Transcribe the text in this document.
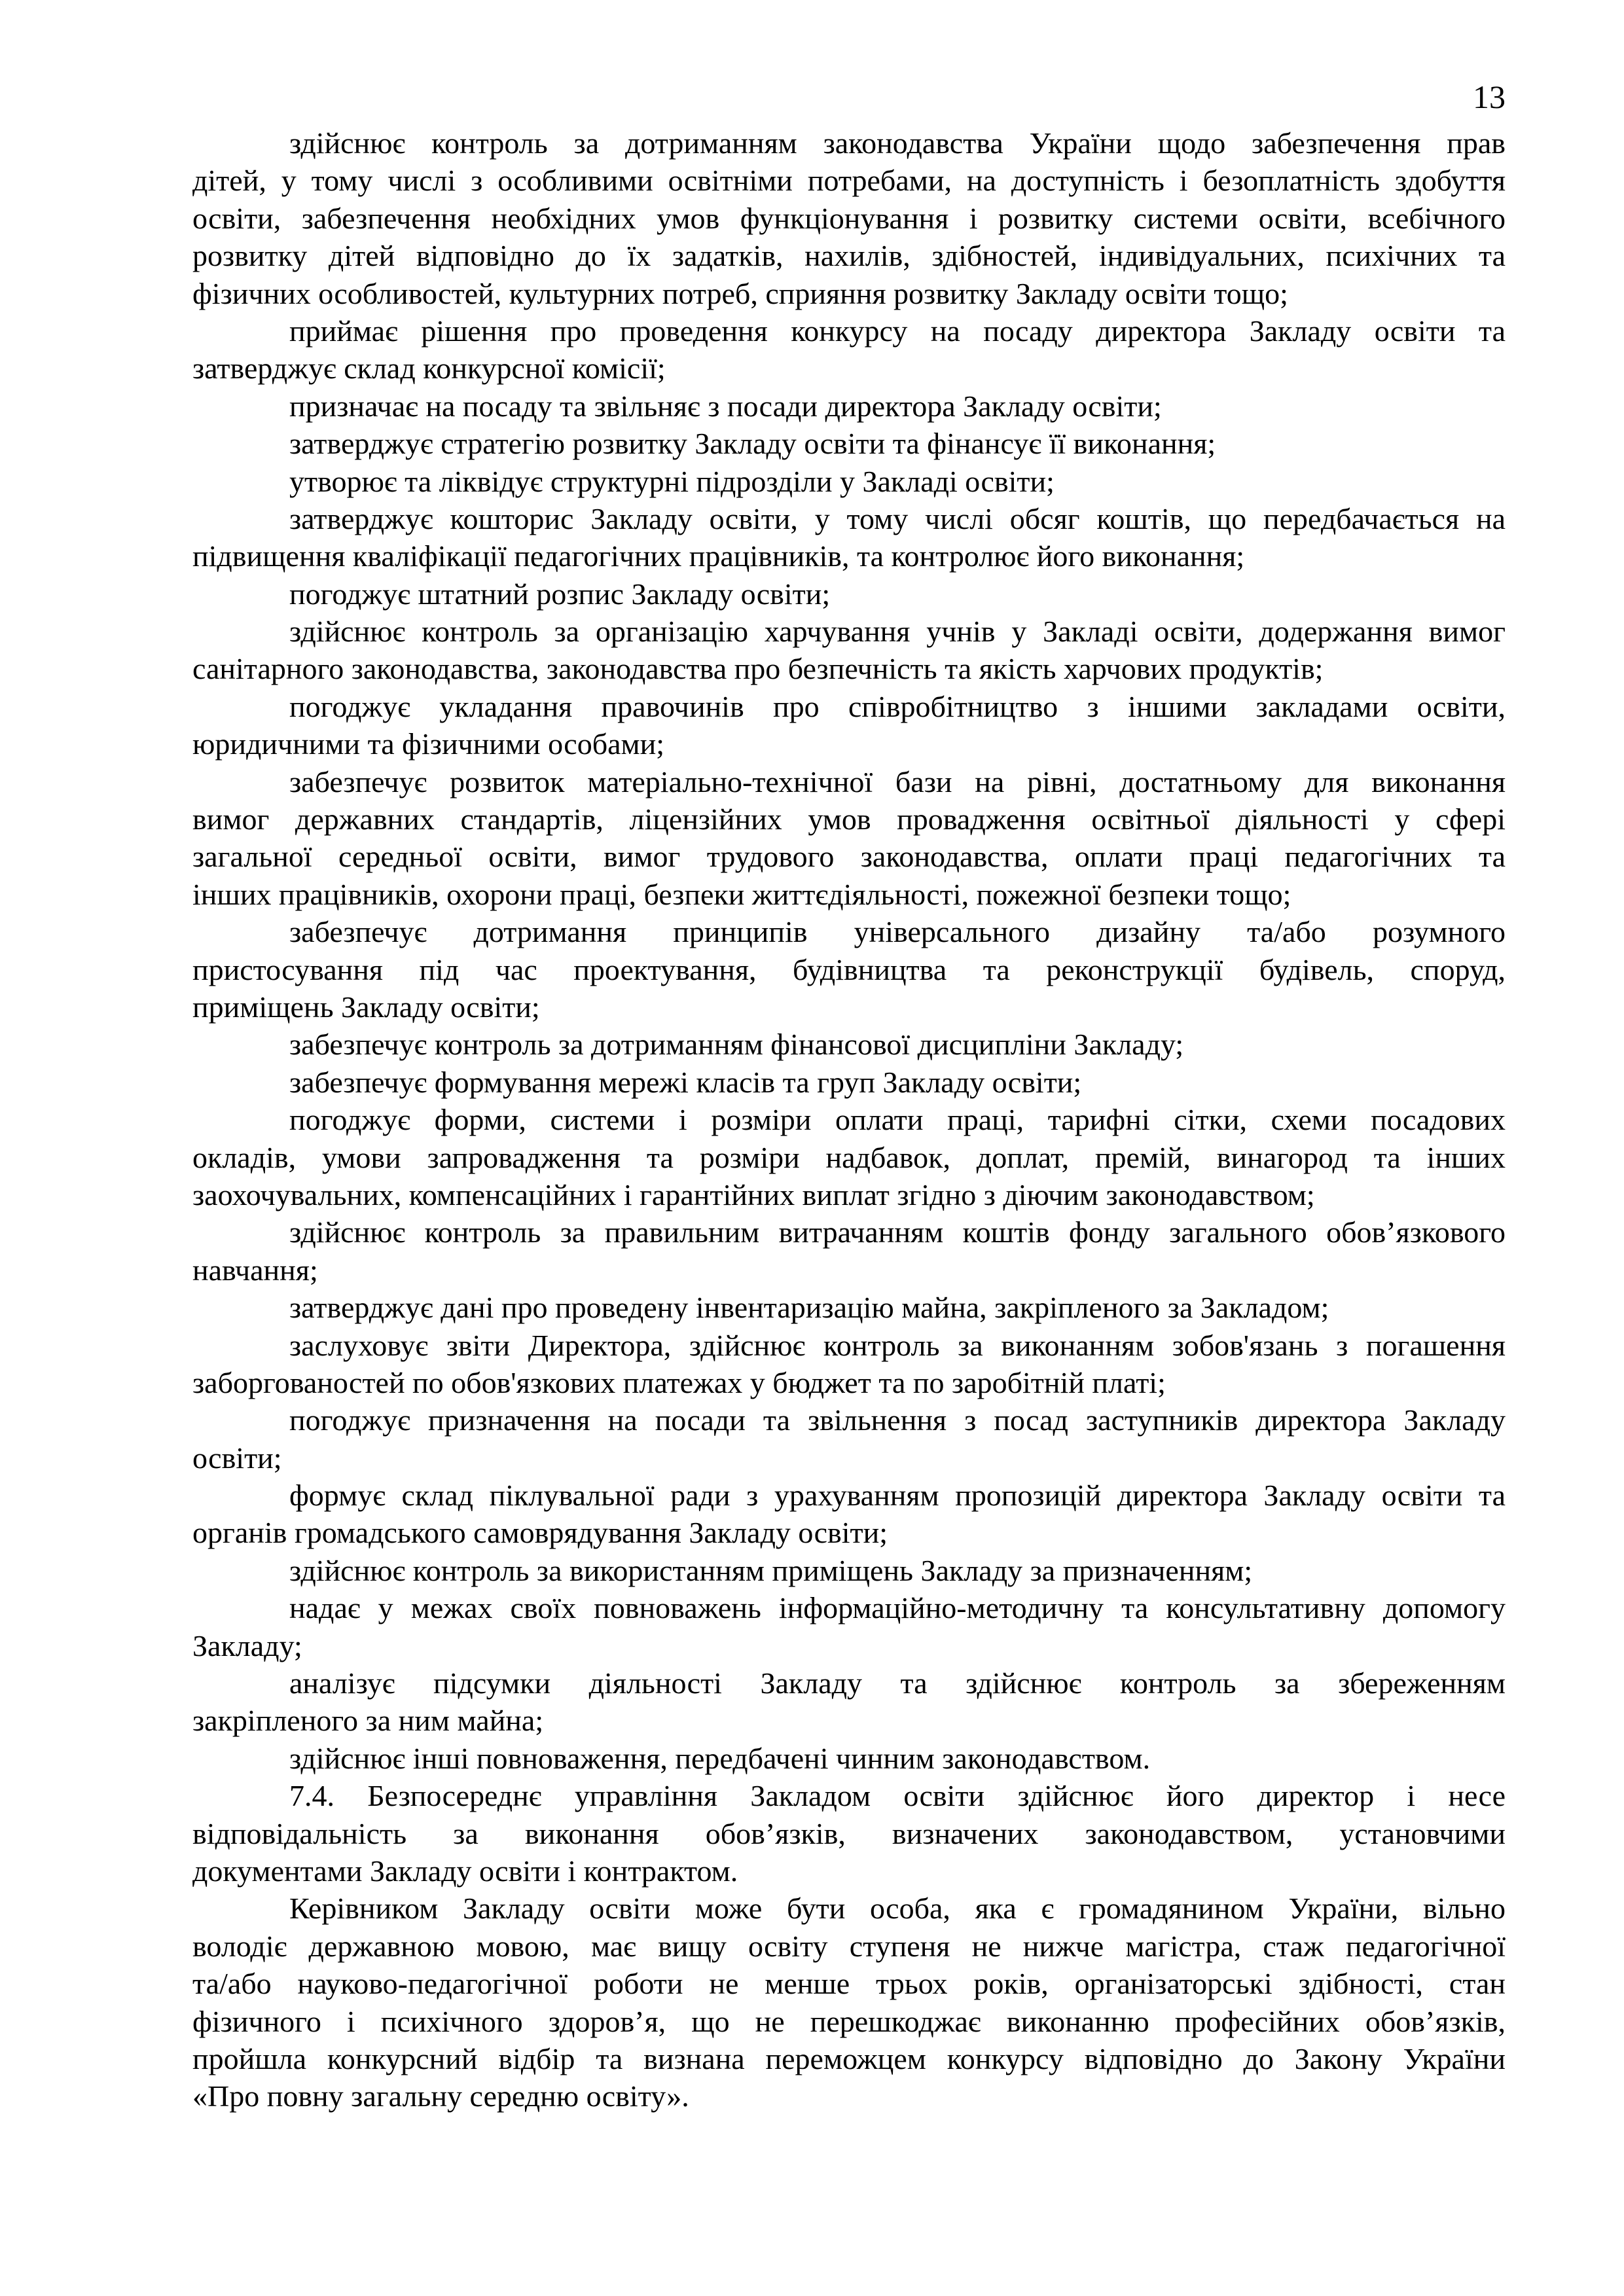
13
здійснює контроль за дотриманням законодавства України щодо забезпечення прав
дітей, у тому числі з особливими освітніми потребами, на доступність і безоплатність здобуття
освіти, забезпечення необхідних умов функціонування і розвитку системи освіти, всебічного
розвитку дітей відповідно до їх задатків, нахилів, здібностей, індивідуальних, психічних та
фізичних особливостей, культурних потреб, сприяння розвитку Закладу освіти тощо;
приймає рішення про проведення конкурсу на посаду директора Закладу освіти та
затверджує склад конкурсної комісії;
призначає на посаду та звільняє з посади директора Закладу освіти;
затверджує стратегію розвитку Закладу освіти та фінансує її виконання;
утворює та ліквідує структурні підрозділи у Закладі освіти;
затверджує кошторис Закладу освіти, у тому числі обсяг коштів, що передбачається на
підвищення кваліфікації педагогічних працівників, та контролює його виконання;
погоджує штатний розпис Закладу освіти;
здійснює контроль за організацію харчування учнів у Закладі освіти, додержання вимог
санітарного законодавства, законодавства про безпечність та якість харчових продуктів;
погоджує укладання правочинів про співробітництво з іншими закладами освіти,
юридичними та фізичними особами;
забезпечує розвиток матеріально-технічної бази на рівні, достатньому для виконання
вимог державних стандартів, ліцензійних умов провадження освітньої діяльності у сфері
загальної середньої освіти, вимог трудового законодавства, оплати праці педагогічних та
інших працівників, охорони праці, безпеки життєдіяльності, пожежної безпеки тощо;
забезпечує дотримання принципів універсального дизайну та/або розумного
пристосування під час проектування, будівництва та реконструкції будівель, споруд,
приміщень Закладу освіти;
забезпечує контроль за дотриманням фінансової дисципліни Закладу;
забезпечує формування мережі класів та груп Закладу освіти;
погоджує форми, системи і розміри оплати праці, тарифні сітки, схеми посадових
окладів, умови запровадження та розміри надбавок, доплат, премій, винагород та інших
заохочувальних, компенсаційних і гарантійних виплат згідно з діючим законодавством;
здійснює контроль за правильним витрачанням коштів фонду загального обов’язкового
навчання;
затверджує дані про проведену інвентаризацію майна, закріпленого за Закладом;
заслуховує звіти Директора, здійснює контроль за виконанням зобов'язань з погашення
заборгованостей по обов'язкових платежах у бюджет та по заробітній платі;
погоджує призначення на посади та звільнення з посад заступників директора Закладу
освіти;
формує склад піклувальної ради з урахуванням пропозицій директора Закладу освіти та
органів громадського самоврядування Закладу освіти;
здійснює контроль за використанням приміщень Закладу за призначенням;
надає у межах своїх повноважень інформаційно-методичну та консультативну допомогу
Закладу;
аналізує підсумки діяльності Закладу та здійснює контроль за збереженням
закріпленого за ним майна;
здійснює інші повноваження, передбачені чинним законодавством.
7.4. Безпосереднє управління Закладом освіти здійснює його директор і несе
відповідальність за виконання обов’язків, визначених законодавством, установчими
документами Закладу освіти і контрактом.
Керівником Закладу освіти може бути особа, яка є громадянином України, вільно
володіє державною мовою, має вищу освіту ступеня не нижче магістра, стаж педагогічної
та/або науково-педагогічної роботи не менше трьох років, організаторські здібності, стан
фізичного і психічного здоров’я, що не перешкоджає виконанню професійних обов’язків,
пройшла конкурсний відбір та визнана переможцем конкурсу відповідно до Закону України
«Про повну загальну середню освіту».
